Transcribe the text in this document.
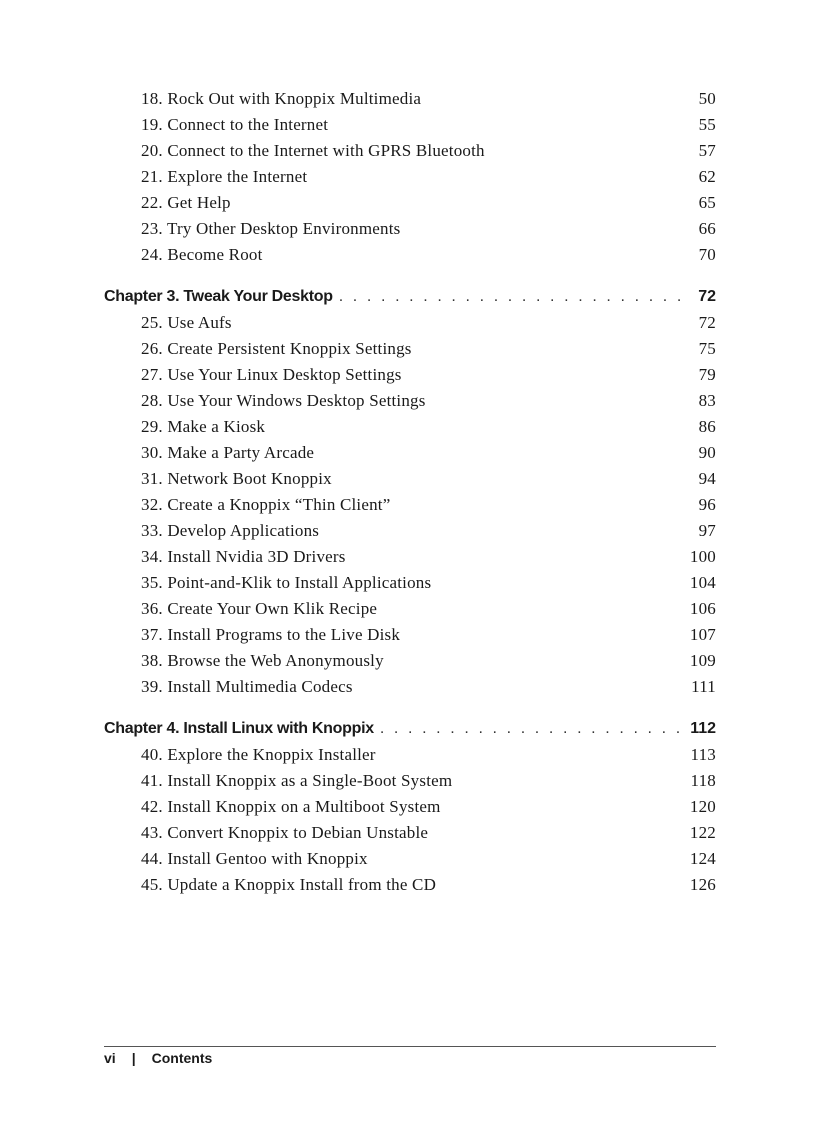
18. Rock Out with Knoppix Multimedia	50
19. Connect to the Internet	55
20. Connect to the Internet with GPRS Bluetooth	57
21. Explore the Internet	62
22. Get Help	65
23. Try Other Desktop Environments	66
24. Become Root	70
Chapter 3. Tweak Your Desktop . . .	72
25. Use Aufs	72
26. Create Persistent Knoppix Settings	75
27. Use Your Linux Desktop Settings	79
28. Use Your Windows Desktop Settings	83
29. Make a Kiosk	86
30. Make a Party Arcade	90
31. Network Boot Knoppix	94
32. Create a Knoppix “Thin Client”	96
33. Develop Applications	97
34. Install Nvidia 3D Drivers	100
35. Point-and-Klik to Install Applications	104
36. Create Your Own Klik Recipe	106
37. Install Programs to the Live Disk	107
38. Browse the Web Anonymously	109
39. Install Multimedia Codecs	111
Chapter 4. Install Linux with Knoppix . . .	112
40. Explore the Knoppix Installer	113
41. Install Knoppix as a Single-Boot System	118
42. Install Knoppix on a Multiboot System	120
43. Convert Knoppix to Debian Unstable	122
44. Install Gentoo with Knoppix	124
45. Update a Knoppix Install from the CD	126
vi | Contents
